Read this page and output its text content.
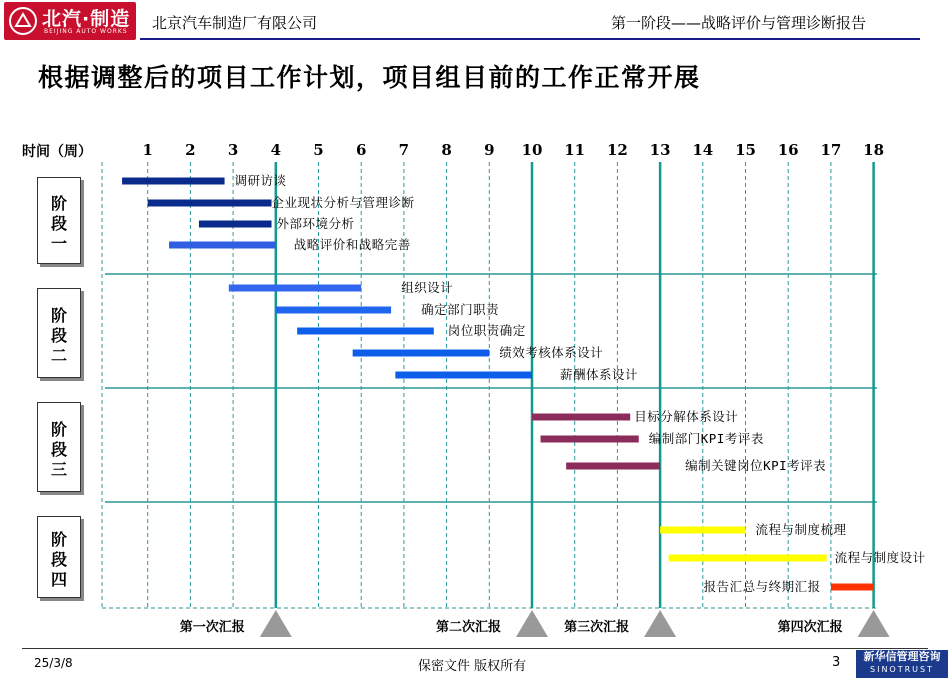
北汽·制造
BEIJING AUTO WORKS 北京汽车制造厂有限公司	第一阶段——战略评价与管理诊断报告
根据调整后的项目工作计划，项目组目前的工作正常开展
时间（周）	1	2	3	4	5	6	7	8	9	10	11	12	13	14	15	16	17	18
阶
段
一
阶
段
二
阶
段
三
阶
段
四
调研访谈
企业现状分析与管理诊断
外部环境分析
战略评价和战略完善
组织设计
确定部门职责
岗位职责确定
绩效考核体系设计
薪酬体系设计
目标分解体系设计
编制部门KPI考评表
编制关键岗位KPI考评表
流程与制度梳理
流程与制度设计
报告汇总与终期汇报
第一次汇报	第二次汇报	第三次汇报	第四次汇报
25/3/8	保密文件 版权所有	3	新华信管理咨询
SINOTRUST
